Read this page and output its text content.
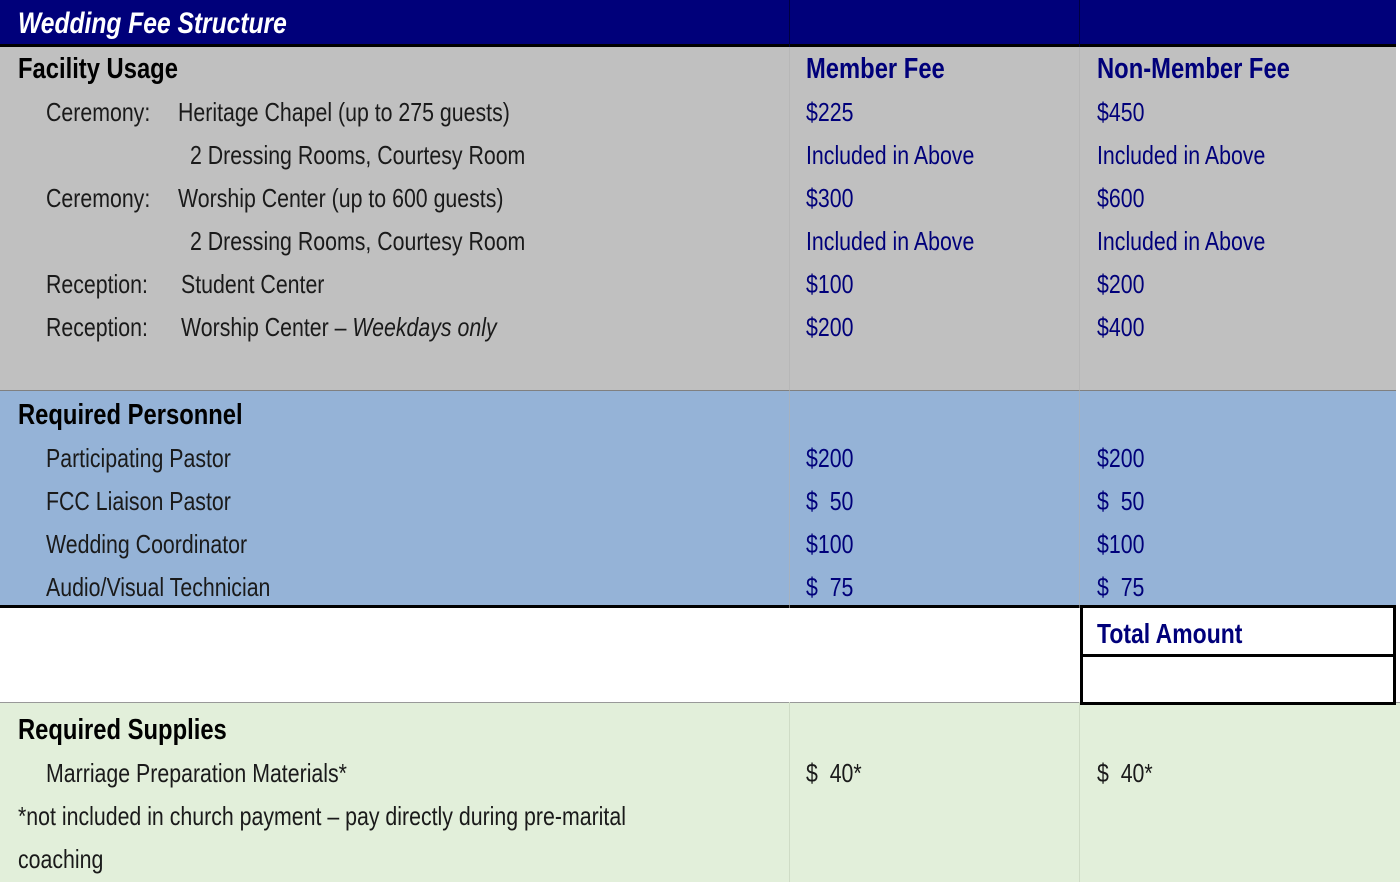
Wedding Fee Structure
Facility Usage	Member Fee	Non-Member Fee
Ceremony: Heritage Chapel (up to 275 guests)	$225	$450
2 Dressing Rooms, Courtesy Room	Included in Above	Included in Above
Ceremony: Worship Center (up to 600 guests)	$300	$600
2 Dressing Rooms, Courtesy Room	Included in Above	Included in Above
Reception: Student Center	$100	$200
Reception: Worship Center – Weekdays only	$200	$400
Required Personnel
Participating Pastor	$200	$200
FCC Liaison Pastor	$  50	$  50
Wedding Coordinator	$100	$100
Audio/Visual Technician	$  75	$  75
Total Amount
Required Supplies
Marriage Preparation Materials*	$  40*	$  40*
*not included in church payment – pay directly during pre-marital
coaching
